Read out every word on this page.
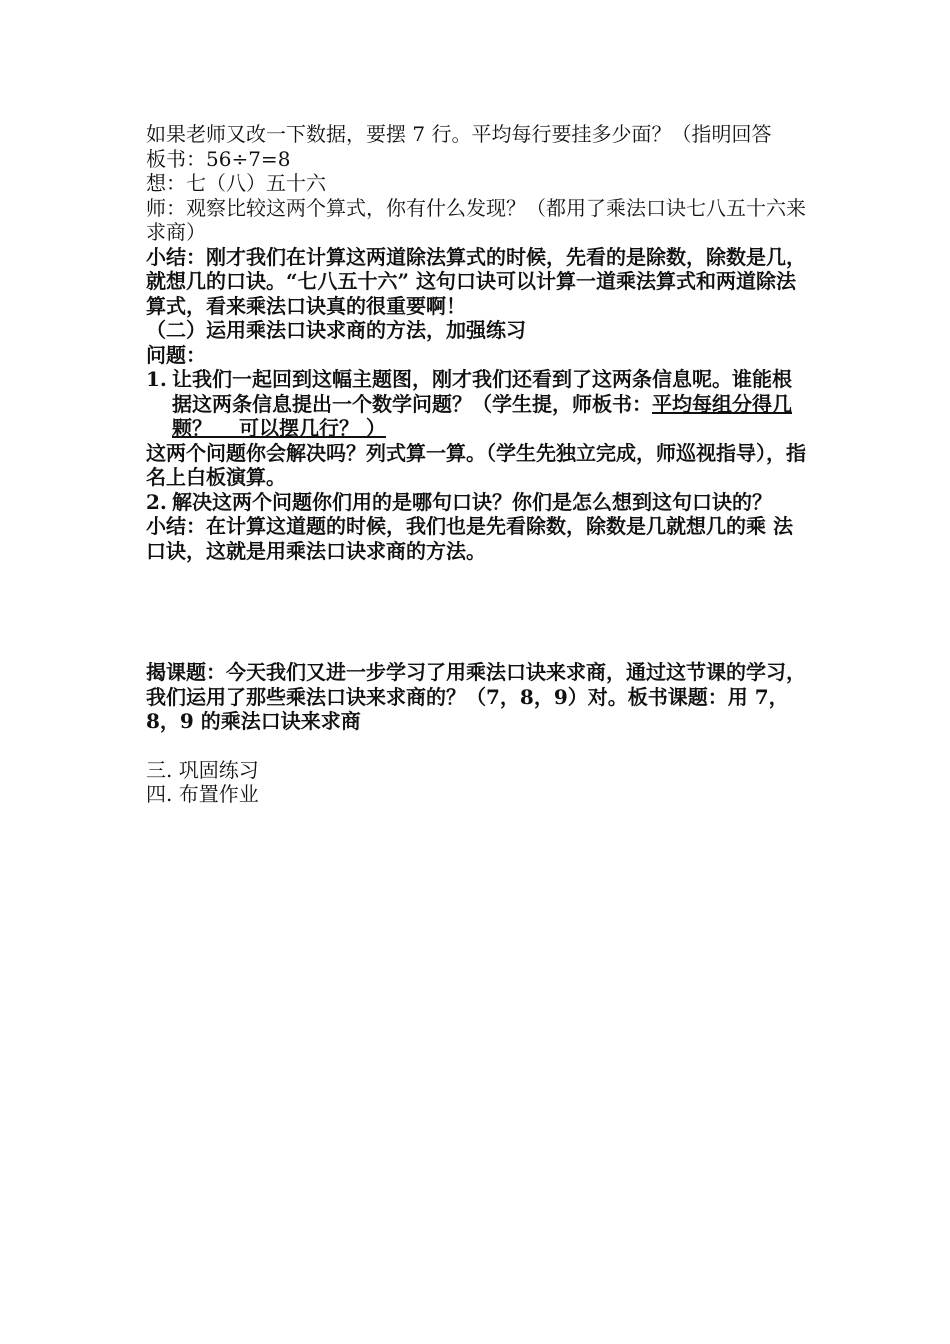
如果老师又改一下数据，要摆 7 行。平均每行要挂多少面？（指明回答

板书：56÷7=8

想：七（八）五十六

师：观察比较这两个算式，你有什么发现？（都用了乘法口诀七八五十六来求商）

小结：刚才我们在计算这两道除法算式的时候，先看的是除数，除数是几，就想几的口诀。“七八五十六” 这句口诀可以计算一道乘法算式和两道除法算式，看来乘法口诀真的很重要啊！

（二）运用乘法口诀求商的方法，加强练习

问题：

1. 让我们一起回到这幅主题图，刚才我们还看到了这两条信息呢。谁能根据这两条信息提出一个数学问题？（学生提，师板书：平均每组分得几颗？　 可以摆几行？ ）

这两个问题你会解决吗？列式算一算。（学生先独立完成，师巡视指导），指名上白板演算。

2. 解决这两个问题你们用的是哪句口诀？你们是怎么想到这句口诀的？

小结：在计算这道题的时候，我们也是先看除数，除数是几就想几的乘 法口诀，这就是用乘法口诀求商的方法。

揭课题：今天我们又进一步学习了用乘法口诀来求商，通过这节课的学习，我们运用了那些乘法口诀来求商的？（7，8，9）对。板书课题：用 7，8，9 的乘法口诀来求商

三. 巩固练习

四. 布置作业
